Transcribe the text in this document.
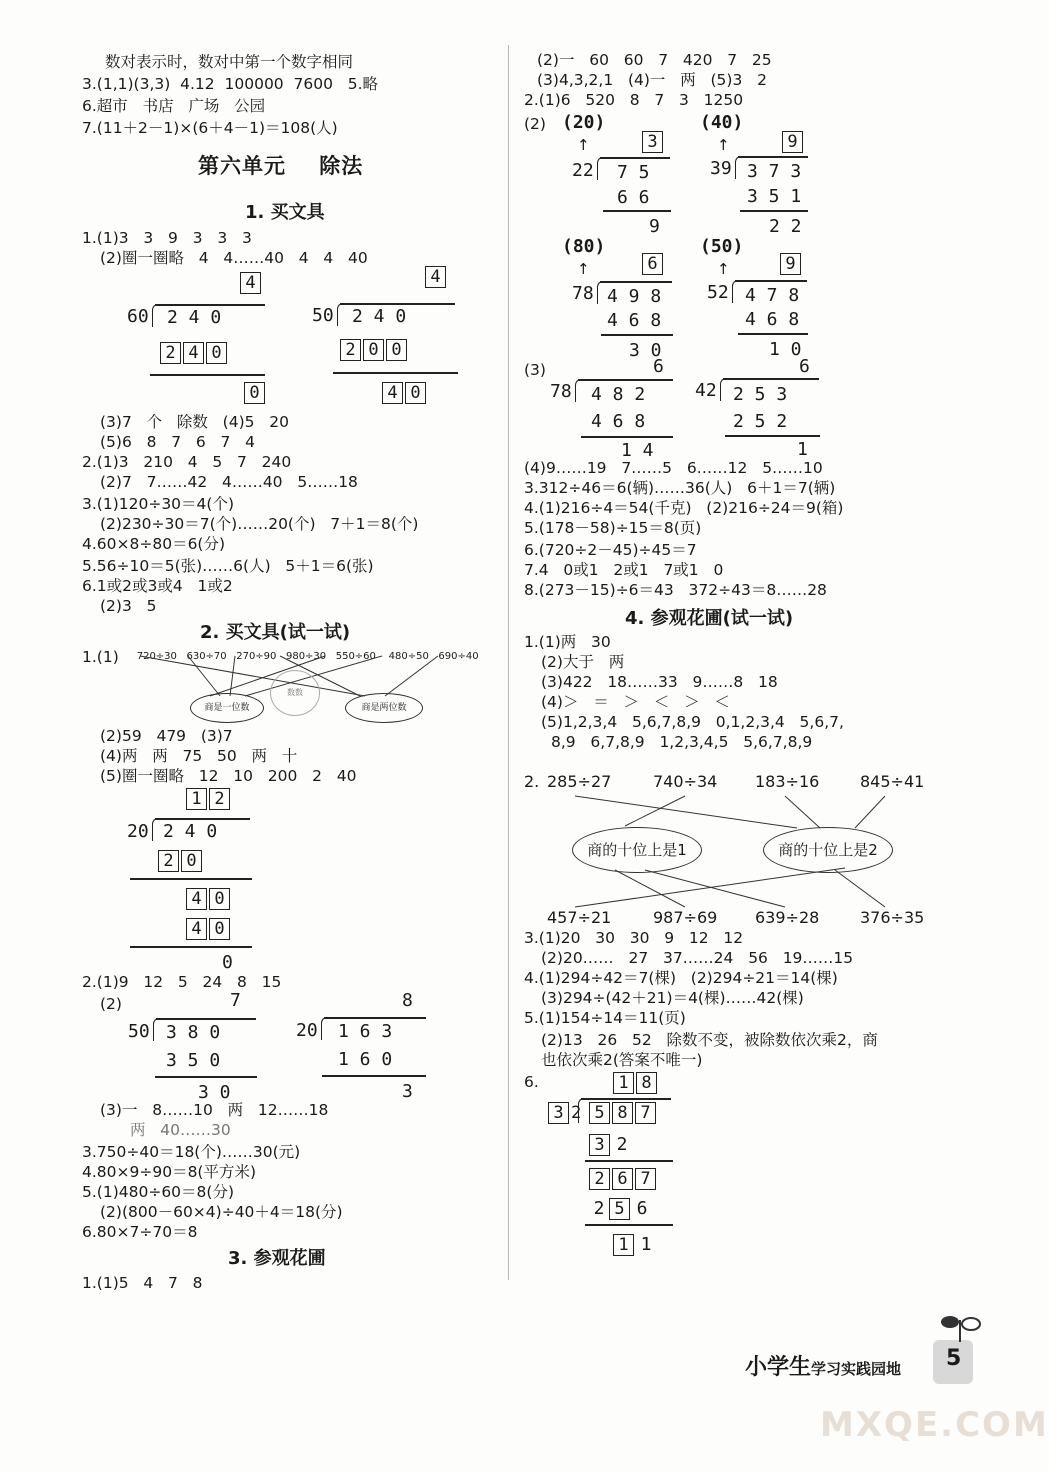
数对表示时，数对中第一个数字相同
3.(1,1)(3,3)  4.12  100000  7600   5.略
6.超市   书店   广场   公园
7.(11＋2－1)×(6＋4－1)＝108(人)
第六单元    除法
1. 买文具
1.(1)3   3   9   3   3   3
(2)圈一圈略   4   4……40   4   4   40
4
60 2 4 0
2 4 0
0
4
50 2 4 0
2 0 0
4 0
(3)7   个   除数   (4)5   20
(5)6   8   7   6   7   4
2.(1)3   210   4   5   7   240
(2)7   7……42   4……40   5……18
3.(1)120÷30＝4(个)
(2)230÷30＝7(个)……20(个)   7＋1＝8(个)
4.60×8÷80＝6(分)
5.56÷10＝5(张)……6(人)   5＋1＝6(张)
6.1或2或3或4   1或2
(2)3   5
2. 买文具(试一试)
1.(1)	720÷30 630÷70 270÷90 980÷30 550÷60 480÷50 690÷40

商是一位数
数数
商是两位数
(2)59   479   (3)7
(4)两   两   75   50   两   十
(5)圈一圈略   12   10   200   2   40
1 2
20 2 4 0
2 0
4 0
4 0
0
2.(1)9   12   5   24   8   15
(2)	7
50 3 8 0
3 5 0
3 0
8
20 1 6 3
1 6 0
3
(3)一   8……10   两   12……18
两   40……30
3.750÷40＝18(个)……30(元)
4.80×9÷90＝8(平方米)
5.(1)480÷60＝8(分)
(2)(800－60×4)÷40＋4＝18(分)
6.80×7÷70＝8
3. 参观花圃
1.(1)5   4   7   8
(2)一   60   60   7   420   7   25
(3)4,3,2,1   (4)一   两   (5)3   2
2.(1)6   520   8   7   3   1250
(2) (20)
↑	3
22 7 5
6 6
9
(40)
↑	9
39 3 7 3
3 5 1
2 2
(80)
↑	6
78 4 9 8
4 6 8
3 0
(50)
↑	9
52 4 7 8
4 6 8
1 0
(3)	6
78 4 8 2
4 6 8
1 4
6
42 2 5 3
2 5 2
1
(4)9……19   7……5   6……12   5……10
3.312÷46＝6(辆)……36(人)   6＋1＝7(辆)
4.(1)216÷4＝54(千克)   (2)216÷24＝9(箱)
5.(178－58)÷15＝8(页)
6.(720÷2－45)÷45＝7
7.4   0或1   2或1   7或1   0
8.(273－15)÷6＝43   372÷43＝8……28
4. 参观花圃(试一试)
1.(1)两   30
(2)大于   两
(3)422   18……33   9……8   18
(4)＞   ＝   ＞   ＜   ＞   ＜
(5)1,2,3,4   5,6,7,8,9   0,1,2,3,4   5,6,7,
8,9   6,7,8,9   1,2,3,4,5   5,6,7,8,9
2. 285÷27	740÷34 183÷16	845÷41
商的十位上是1	商的十位上是2
457÷21	987÷69 639÷28	376÷35
3.(1)20   30   30   9   12   12
(2)20……   27   37……24   56   19……15
4.(1)294÷42＝7(棵)   (2)294÷21＝14(棵)
(3)294÷(42＋21)＝4(棵)……42(棵)
5.(1)154÷14＝11(页)
(2)13   26   52   除数不变，被除数依次乘2，商
也依次乘2(答案不唯一)
6.	1 8
3 2 5 8 7
3 2
2 6 7
2 5 6
1 1
小学生学习实践园地 5
MXQE.COM
